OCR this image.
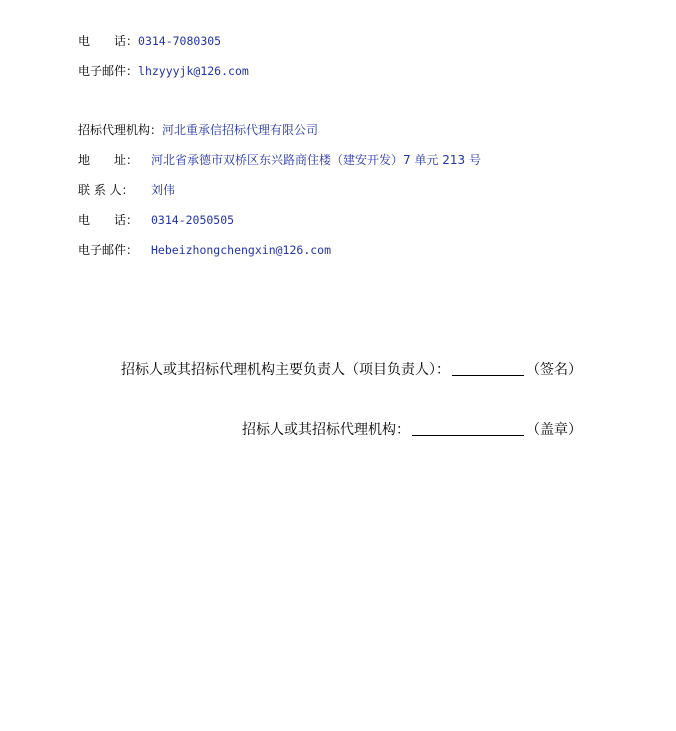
电　　话：0314-7080305
电子邮件：lhzyyyjk@126.com
招标代理机构：河北重承信招标代理有限公司
地　　址： 河北省承德市双桥区东兴路商住楼（建安开发）7 单元 213 号
联 系 人： 刘伟
电　　话： 0314-2050505
电子邮件： Hebeizhongchengxin@126.com
招标人或其招标代理机构主要负责人（项目负责人）：	（签名）
招标人或其招标代理机构：	（盖章）
